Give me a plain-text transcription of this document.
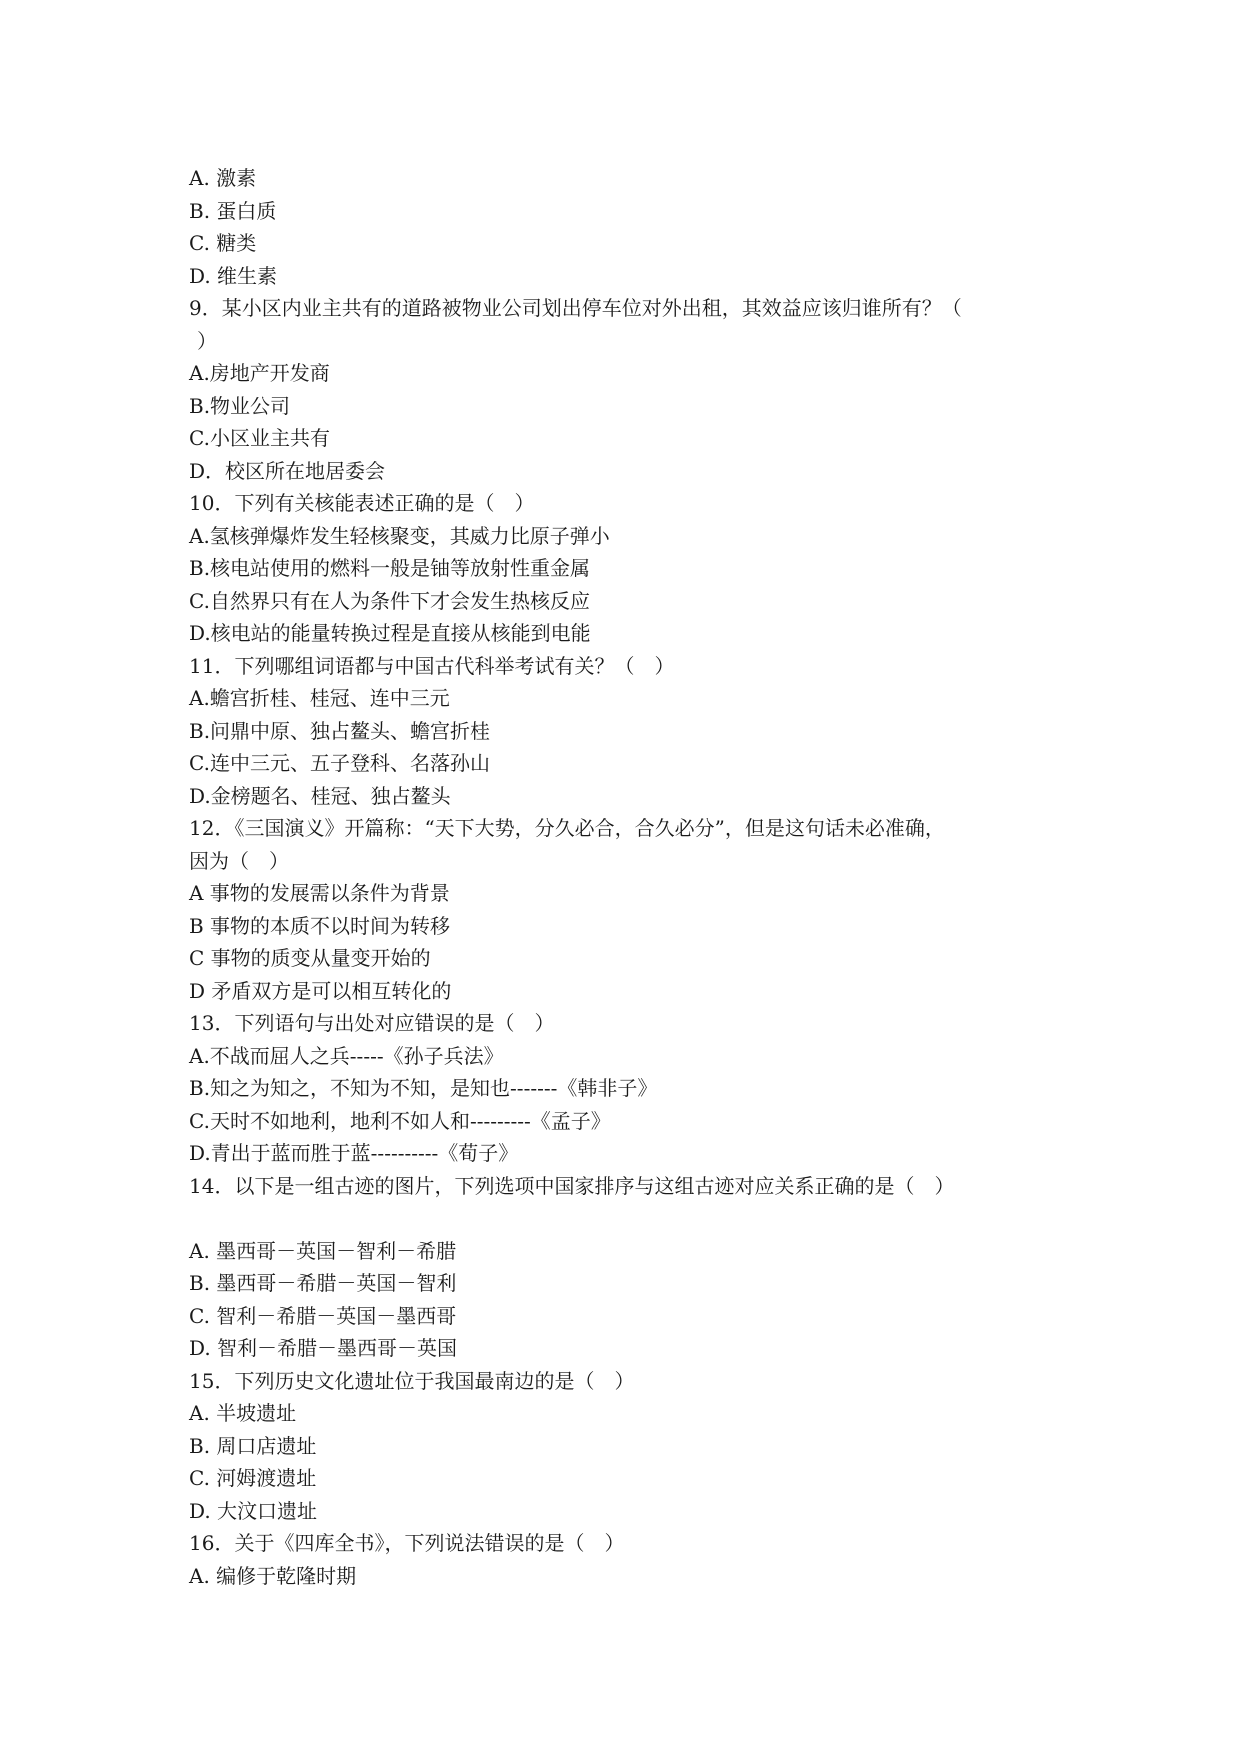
A. 激素
B. 蛋白质
C. 糖类
D. 维生素
9．某小区内业主共有的道路被物业公司划出停车位对外出租，其效益应该归谁所有？（
）
A.房地产开发商
B.物业公司
C.小区业主共有
D．校区所在地居委会
10．下列有关核能表述正确的是（　）
A.氢核弹爆炸发生轻核聚变，其威力比原子弹小
B.核电站使用的燃料一般是铀等放射性重金属
C.自然界只有在人为条件下才会发生热核反应
D.核电站的能量转换过程是直接从核能到电能
11．下列哪组词语都与中国古代科举考试有关？（　）
A.蟾宫折桂、桂冠、连中三元
B.问鼎中原、独占鳌头、蟾宫折桂
C.连中三元、五子登科、名落孙山
D.金榜题名、桂冠、独占鳌头
12．《三国演义》开篇称：“天下大势，分久必合，合久必分”，但是这句话未必准确，
因为（　）
A 事物的发展需以条件为背景
B 事物的本质不以时间为转移
C 事物的质变从量变开始的
D 矛盾双方是可以相互转化的
13．下列语句与出处对应错误的是（　）
A.不战而屈人之兵-----《孙子兵法》
B.知之为知之，不知为不知，是知也-------《韩非子》
C.天时不如地利，地利不如人和---------《孟子》
D.青出于蓝而胜于蓝----------《荀子》
14．以下是一组古迹的图片，下列选项中国家排序与这组古迹对应关系正确的是（　）
A. 墨西哥－英国－智利－希腊
B. 墨西哥－希腊－英国－智利
C. 智利－希腊－英国－墨西哥
D. 智利－希腊－墨西哥－英国
15．下列历史文化遗址位于我国最南边的是（　）
A. 半坡遗址
B. 周口店遗址
C. 河姆渡遗址
D. 大汶口遗址
16．关于《四库全书》，下列说法错误的是（　）
A. 编修于乾隆时期
